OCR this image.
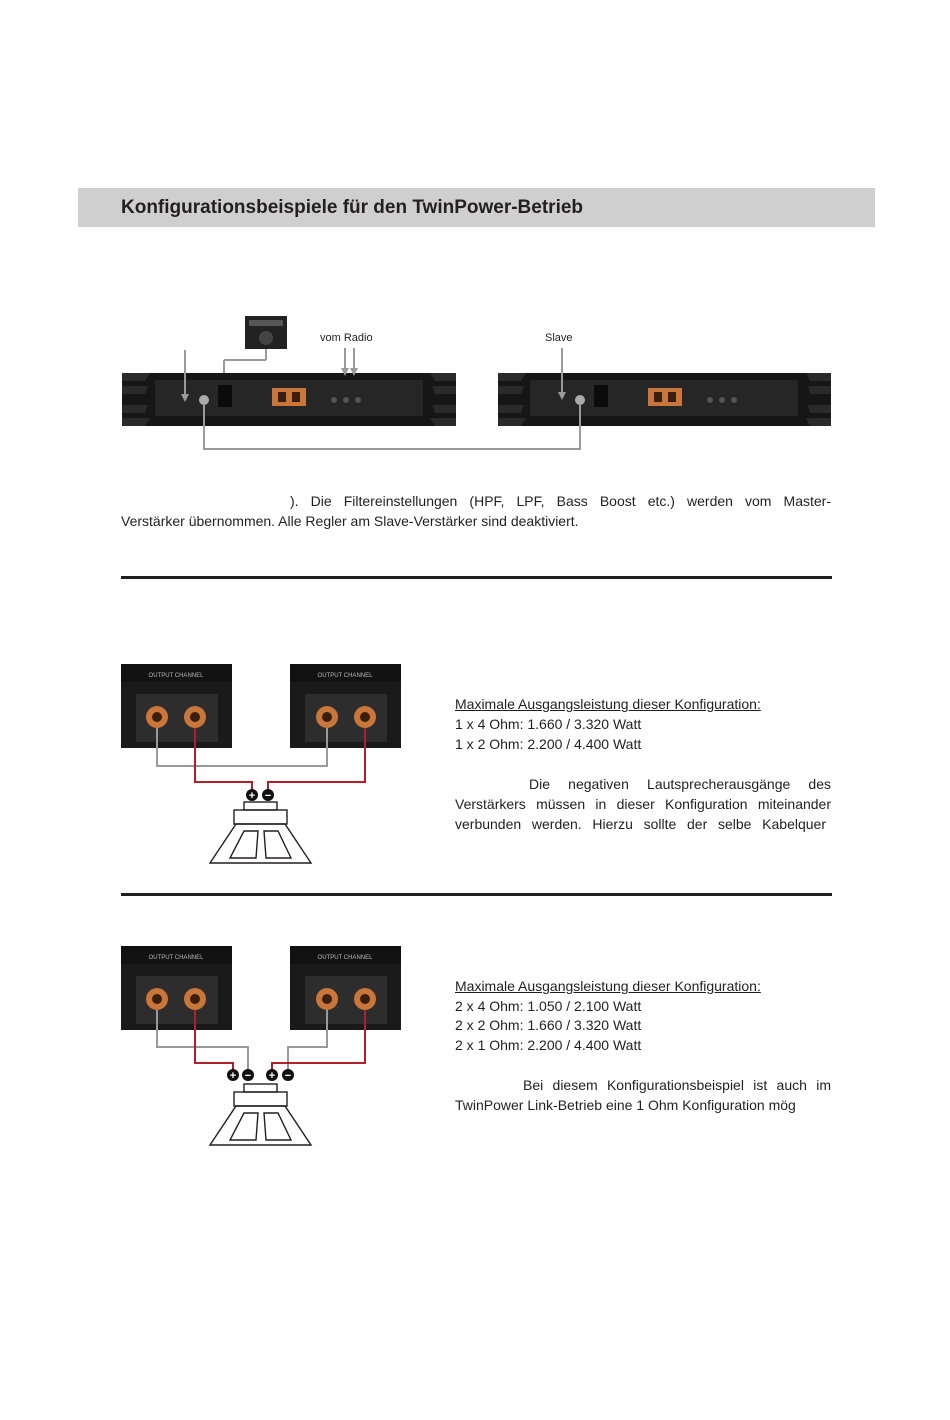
Konfigurationsbeispiele für den TwinPower-Betrieb
vom Radio	Slave
). Die Filtereinstellungen (HPF, LPF, Bass Boost etc.) werden vom Master-
Verstärker übernommen. Alle Regler am Slave-Verstärker sind deaktiviert.
OUTPUT CHANNEL	OUTPUT CHANNEL
+ −
Maximale Ausgangsleistung dieser Konfiguration:
1 x 4 Ohm: 1.660 / 3.320 Watt
1 x 2 Ohm: 2.200 / 4.400 Watt
Die negativen Lautsprecherausgänge des
Verstärkers müssen in dieser Konfiguration miteinander
verbunden werden. Hierzu sollte der selbe Kabelquer
OUTPUT CHANNEL	OUTPUT CHANNEL
+ − + −
Maximale Ausgangsleistung dieser Konfiguration:
2 x 4 Ohm: 1.050 / 2.100 Watt
2 x 2 Ohm: 1.660 / 3.320 Watt
2 x 1 Ohm: 2.200 / 4.400 Watt
Bei diesem Konfigurationsbeispiel ist auch im
TwinPower Link-Betrieb eine 1 Ohm Konfiguration mög
